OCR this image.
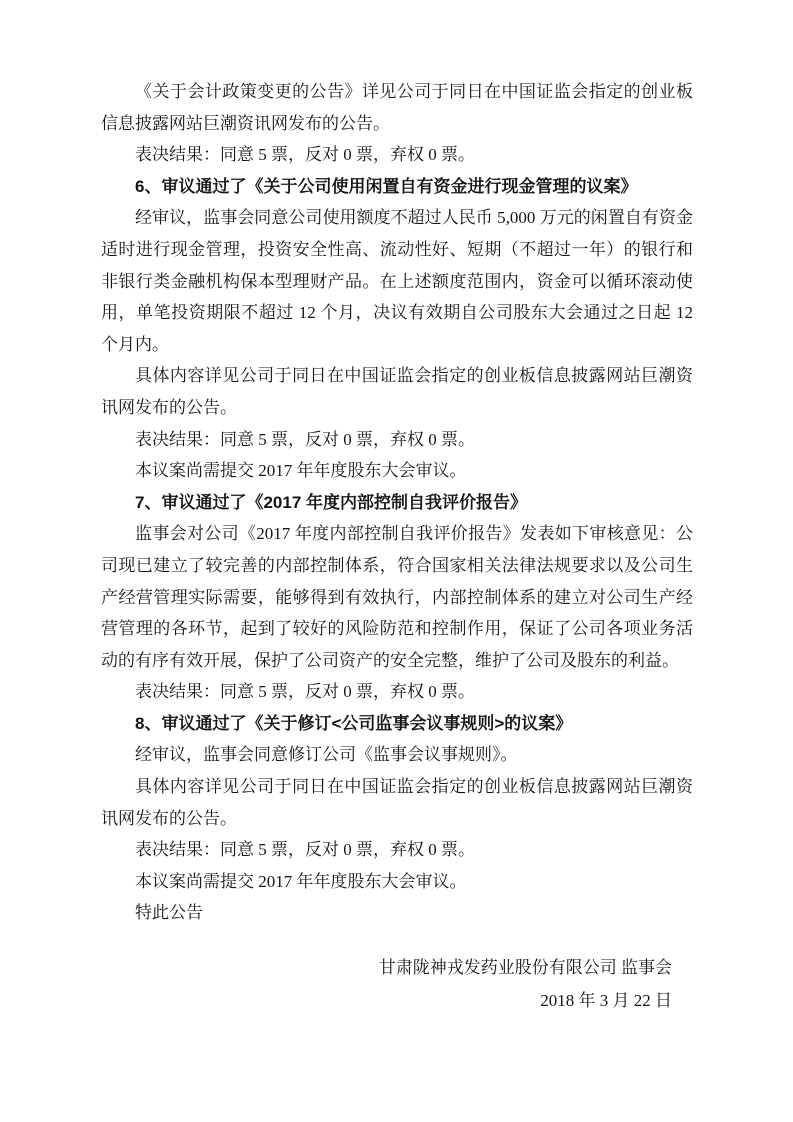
《关于会计政策变更的公告》详见公司于同日在中国证监会指定的创业板信息披露网站巨潮资讯网发布的公告。

表决结果：同意 5 票，反对 0 票，弃权 0 票。

6、审议通过了《关于公司使用闲置自有资金进行现金管理的议案》

经审议，监事会同意公司使用额度不超过人民币 5,000 万元的闲置自有资金适时进行现金管理，投资安全性高、流动性好、短期（不超过一年）的银行和非银行类金融机构保本型理财产品。在上述额度范围内，资金可以循环滚动使用，单笔投资期限不超过 12 个月，决议有效期自公司股东大会通过之日起 12 个月内。

具体内容详见公司于同日在中国证监会指定的创业板信息披露网站巨潮资讯网发布的公告。

表决结果：同意 5 票，反对 0 票，弃权 0 票。

本议案尚需提交 2017 年年度股东大会审议。

7、审议通过了《2017 年度内部控制自我评价报告》

监事会对公司《2017 年度内部控制自我评价报告》发表如下审核意见：公司现已建立了较完善的内部控制体系，符合国家相关法律法规要求以及公司生产经营管理实际需要，能够得到有效执行，内部控制体系的建立对公司生产经营管理的各环节，起到了较好的风险防范和控制作用，保证了公司各项业务活动的有序有效开展，保护了公司资产的安全完整，维护了公司及股东的利益。

表决结果：同意 5 票，反对 0 票，弃权 0 票。

8、审议通过了《关于修订<公司监事会议事规则>的议案》

经审议，监事会同意修订公司《监事会议事规则》。

具体内容详见公司于同日在中国证监会指定的创业板信息披露网站巨潮资讯网发布的公告。

表决结果：同意 5 票，反对 0 票，弃权 0 票。

本议案尚需提交 2017 年年度股东大会审议。

特此公告

甘肃陇神戎发药业股份有限公司 监事会
2018 年 3 月 22 日
